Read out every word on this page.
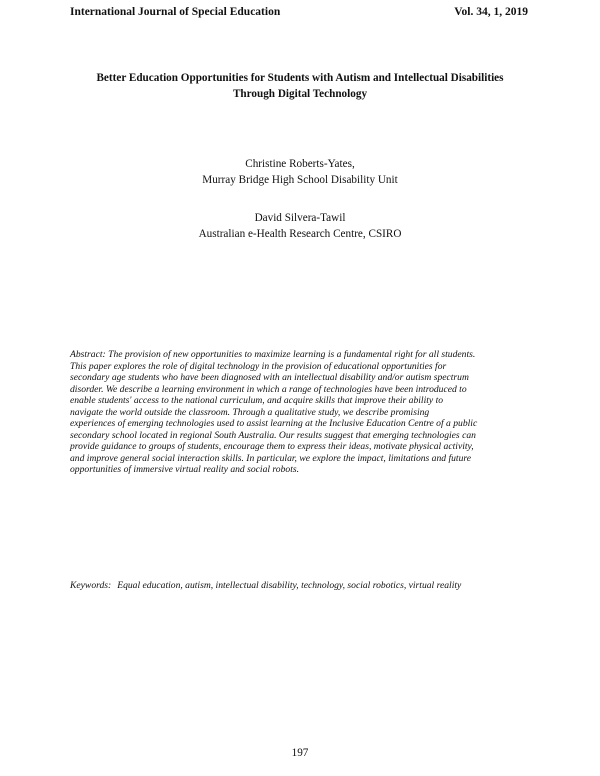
International Journal of Special Education	Vol. 34, 1, 2019
Better Education Opportunities for Students with Autism and Intellectual Disabilities
Through Digital Technology
Christine Roberts-Yates,
Murray Bridge High School Disability Unit
David Silvera-Tawil
Australian e-Health Research Centre, CSIRO
Abstract: The provision of new opportunities to maximize learning is a fundamental right for all students.
This paper explores the role of digital technology in the provision of educational opportunities for
secondary age students who have been diagnosed with an intellectual disability and/or autism spectrum
disorder. We describe a learning environment in which a range of technologies have been introduced to
enable students' access to the national curriculum, and acquire skills that improve their ability to
navigate the world outside the classroom. Through a qualitative study, we describe promising
experiences of emerging technologies used to assist learning at the Inclusive Education Centre of a public
secondary school located in regional South Australia. Our results suggest that emerging technologies can
provide guidance to groups of students, encourage them to express their ideas, motivate physical activity,
and improve general social interaction skills. In particular, we explore the impact, limitations and future
opportunities of immersive virtual reality and social robots.
Keywords: Equal education, autism, intellectual disability, technology, social robotics, virtual reality
197
